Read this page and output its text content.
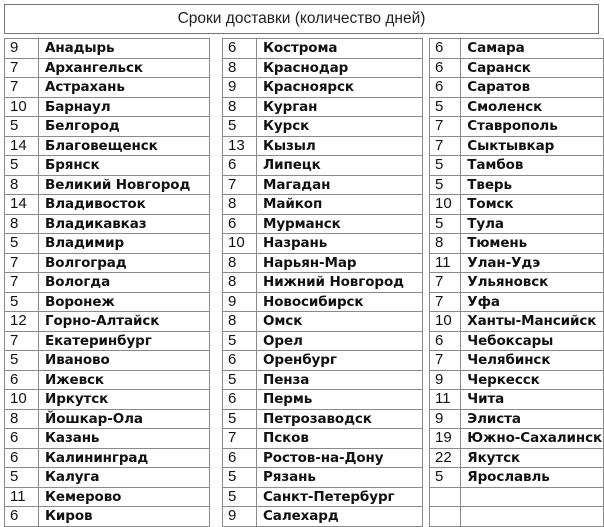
Сроки доставки (количество дней)
9	Анадырь
7	Архангельск
7	Астрахань
10	Барнаул
5	Белгород
14	Благовещенск
5	Брянск
8	Великий Новгород
14	Владивосток
8	Владикавказ
5	Владимир
7	Волгоград
7	Вологда
5	Воронеж
12	Горно-Алтайск
7	Екатеринбург
5	Иваново
6	Ижевск
10	Иркутск
8	Йошкар-Ола
6	Казань
6	Калининград
5	Калуга
11	Кемерово
6	Киров
6	Кострома
8	Краснодар
9	Красноярск
8	Курган
5	Курск
13	Кызыл
6	Липецк
7	Магадан
8	Майкоп
6	Мурманск
10	Назрань
8	Нарьян-Мар
8	Нижний Новгород
9	Новосибирск
8	Омск
5	Орел
6	Оренбург
5	Пенза
6	Пермь
5	Петрозаводск
7	Псков
6	Ростов-на-Дону
5	Рязань
5	Санкт-Петербург
9	Салехард
6	Самара
6	Саранск
6	Саратов
5	Смоленск
7	Ставрополь
7	Сыктывкар
5	Тамбов
5	Тверь
10	Томск
5	Тула
8	Тюмень
11	Улан-Удэ
7	Ульяновск
7	Уфа
10	Ханты-Мансийск
6	Чебоксары
7	Челябинск
9	Черкесск
11	Чита
9	Элиста
19	Южно-Сахалинск
22	Якутск
5	Ярославль
